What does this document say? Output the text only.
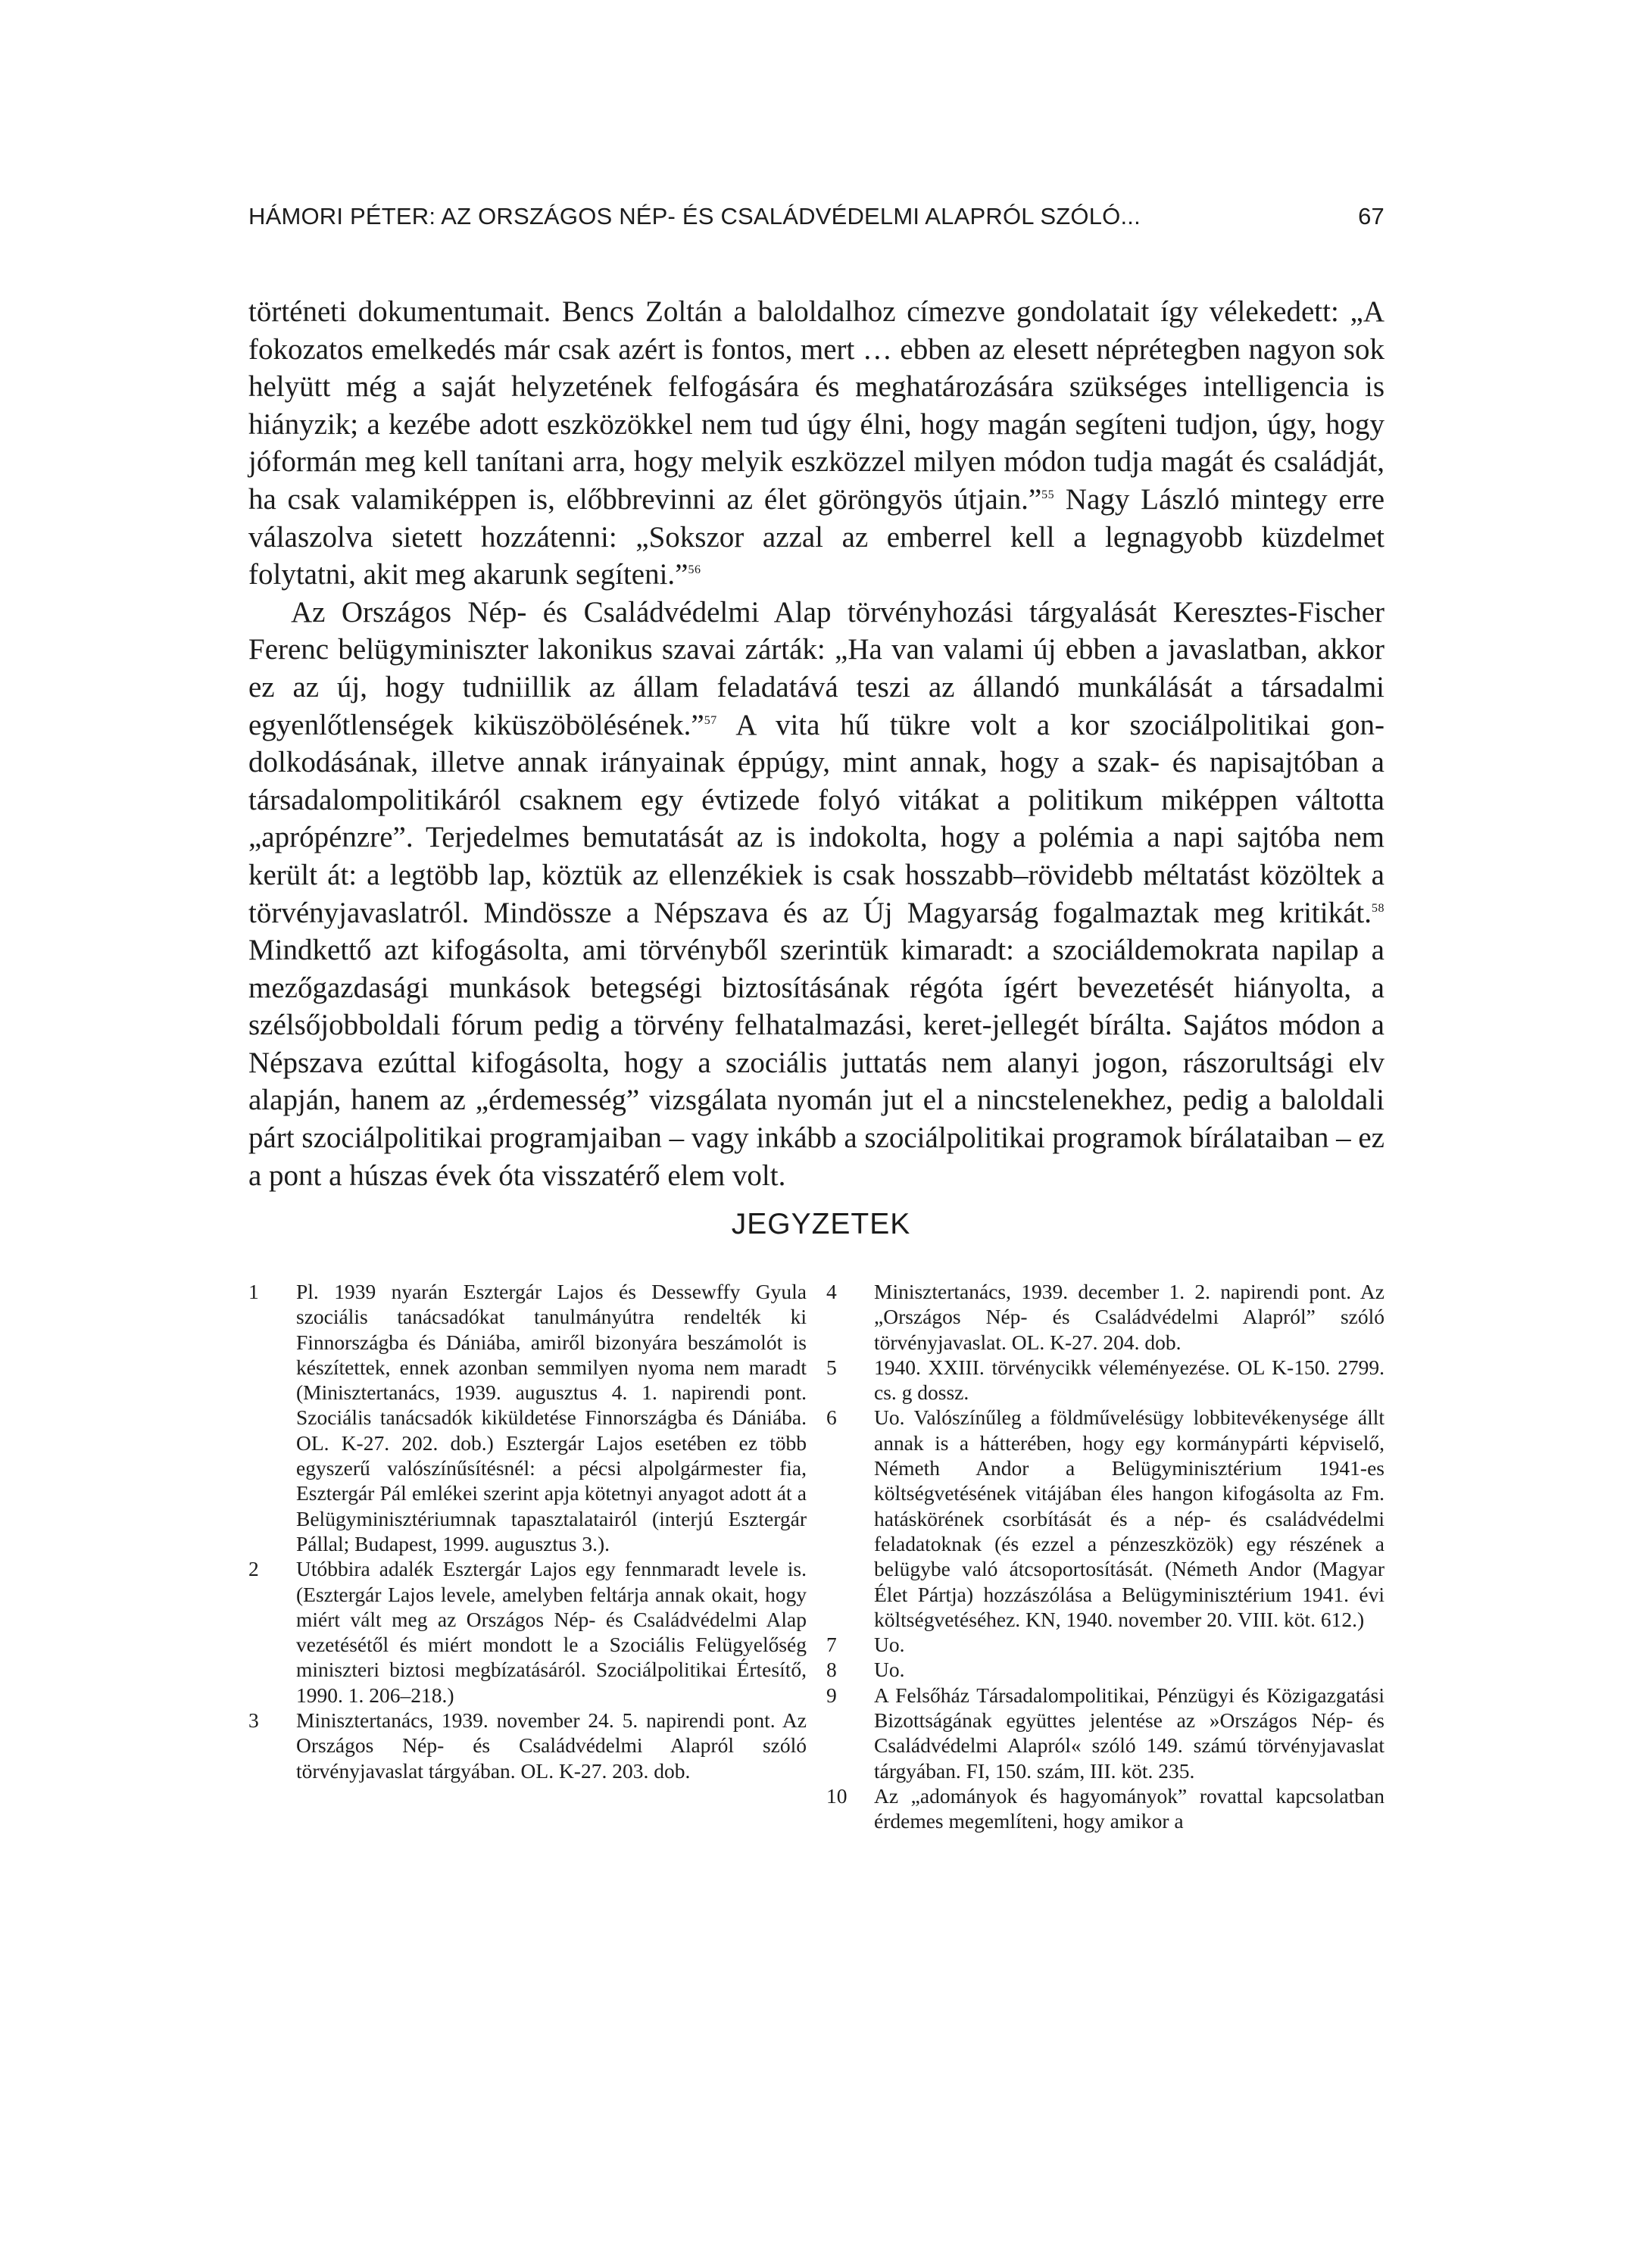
HÁMORI PÉTER: AZ ORSZÁGOS NÉP- ÉS CSALÁDVÉDELMI ALAPRÓL SZÓLÓ...	67

történeti dokumentumait. Bencs Zoltán a baloldalhoz címezve gondolatait így vélekedett: „A fokozatos emelkedés már csak azért is fontos, mert … ebben az elesett néprétegben nagyon sok helyütt még a saját helyzetének felfogására és meghatározására szükséges intelligencia is hiányzik; a kezébe adott eszközökkel nem tud úgy élni, hogy magán segíteni tudjon, úgy, hogy jóformán meg kell tanítani arra, hogy melyik eszközzel milyen módon tudja magát és családját, ha csak valamiképpen is, előbbrevinni az élet göröngyös útjain.”$^{55}$ Nagy László mintegy erre válaszolva sietett hozzátenni: „Sokszor azzal az emberrel kell a legnagyobb küzdelmet folytatni, akit meg akarunk segíteni.”$^{56}$

Az Országos Nép- és Családvédelmi Alap törvényhozási tárgyalását Keresztes-Fischer Ferenc belügyminiszter lakonikus szavai zárták: „Ha van valami új ebben a javaslatban, akkor ez az új, hogy tudniillik az állam feladatává teszi az állandó munkálását a társadalmi egyenlőtlenségek kiküszöbölésének.”$^{57}$ A vita hű tükre volt a kor szociálpolitikai gondolkodásának, illetve annak irányainak éppúgy, mint annak, hogy a szak- és napisajtóban a társadalompolitikáról csaknem egy évtizede folyó vitákat a politikum miképpen váltotta „aprópénzre”. Terjedelmes bemutatását az is indokolta, hogy a polémia a napi sajtóba nem került át: a legtöbb lap, köztük az ellenzékiek is csak hosszabb–rövidebb méltatást közöltek a törvényjavaslatról. Mindössze a Népszava és az Új Magyarság fogalmaztak meg kritikát.$^{58}$ Mindkettő azt kifogásolta, ami törvényből szerintük kimaradt: a szociáldemokrata napilap a mezőgazdasági munkások betegségi biztosításának régóta ígért bevezetését hiányolta, a szélsőjobboldali fórum pedig a törvény felhatalmazási, keret-jellegét bírálta. Sajátos módon a Népszava ezúttal kifogásolta, hogy a szociális juttatás nem alanyi jogon, rászorultsági elv alapján, hanem az „érdemesség” vizsgálata nyomán jut el a nincstelenekhez, pedig a baloldali párt szociálpolitikai programjaiban – vagy inkább a szociálpolitikai programok bírálataiban – ez a pont a húszas évek óta visszatérő elem volt.

JEGYZETEK
1 Pl. 1939 nyarán Esztergár Lajos és Dessewffy Gyula szociális tanácsadókat tanulmányútra rendelték ki Finnországba és Dániába, amiről bizonyára beszámolót is készítettek, ennek azonban semmilyen nyoma nem maradt (Minisztertanács, 1939. augusztus 4. 1. napirendi pont. Szociális tanácsadók kiküldetése Finnországba és Dániába. OL. K-27. 202. dob.) Esztergár Lajos esetében ez több egyszerű valószínűsítésnél: a pécsi alpolgármester fia, Esztergár Pál emlékei szerint apja kötetnyi anyagot adott át a Belügyminisztériumnak tapasztalatairól (interjú Esztergár Pállal; Budapest, 1999. augusztus 3.).
2 Utóbbira adalék Esztergár Lajos egy fennmaradt levele is. (Esztergár Lajos levele, amelyben feltárja annak okait, hogy miért vált meg az Országos Nép- és Családvédelmi Alap vezetésétől és miért mondott le a Szociális Felügyelőség miniszteri biztosi megbízatásáról. Szociálpolitikai Értesítő, 1990. 1. 206–218.)
3 Minisztertanács, 1939. november 24. 5. napirendi pont. Az Országos Nép- és Családvédelmi Alapról szóló törvényjavaslat tárgyában. OL. K-27. 203. dob.
4 Minisztertanács, 1939. december 1. 2. napirendi pont. Az „Országos Nép- és Családvédelmi Alapról” szóló törvényjavaslat. OL. K-27. 204. dob.
5 1940. XXIII. törvénycikk véleményezése. OL K-150. 2799. cs. g dossz.
6 Uo. Valószínűleg a földművelésügy lobbitevékenysége állt annak is a hátterében, hogy egy kormánypárti képviselő, Németh Andor a Belügyminisztérium 1941-es költségvetésének vitájában éles hangon kifogásolta az Fm. hatáskörének csorbítását és a nép- és családvédelmi feladatoknak (és ezzel a pénzeszközök) egy részének a belügybe való átcsoportosítását. (Németh Andor (Magyar Élet Pártja) hozzászólása a Belügyminisztérium 1941. évi költségvetéséhez. KN, 1940. november 20. VIII. köt. 612.)
7 Uo.
8 Uo.
9 A Felsőház Társadalompolitikai, Pénzügyi és Közigazgatási Bizottságának együttes jelentése az »Országos Nép- és Családvédelmi Alapról« szóló 149. számú törvényjavaslat tárgyában. FI, 150. szám, III. köt. 235.
10 Az „adományok és hagyományok” rovattal kapcsolatban érdemes megemlíteni, hogy amikor a
